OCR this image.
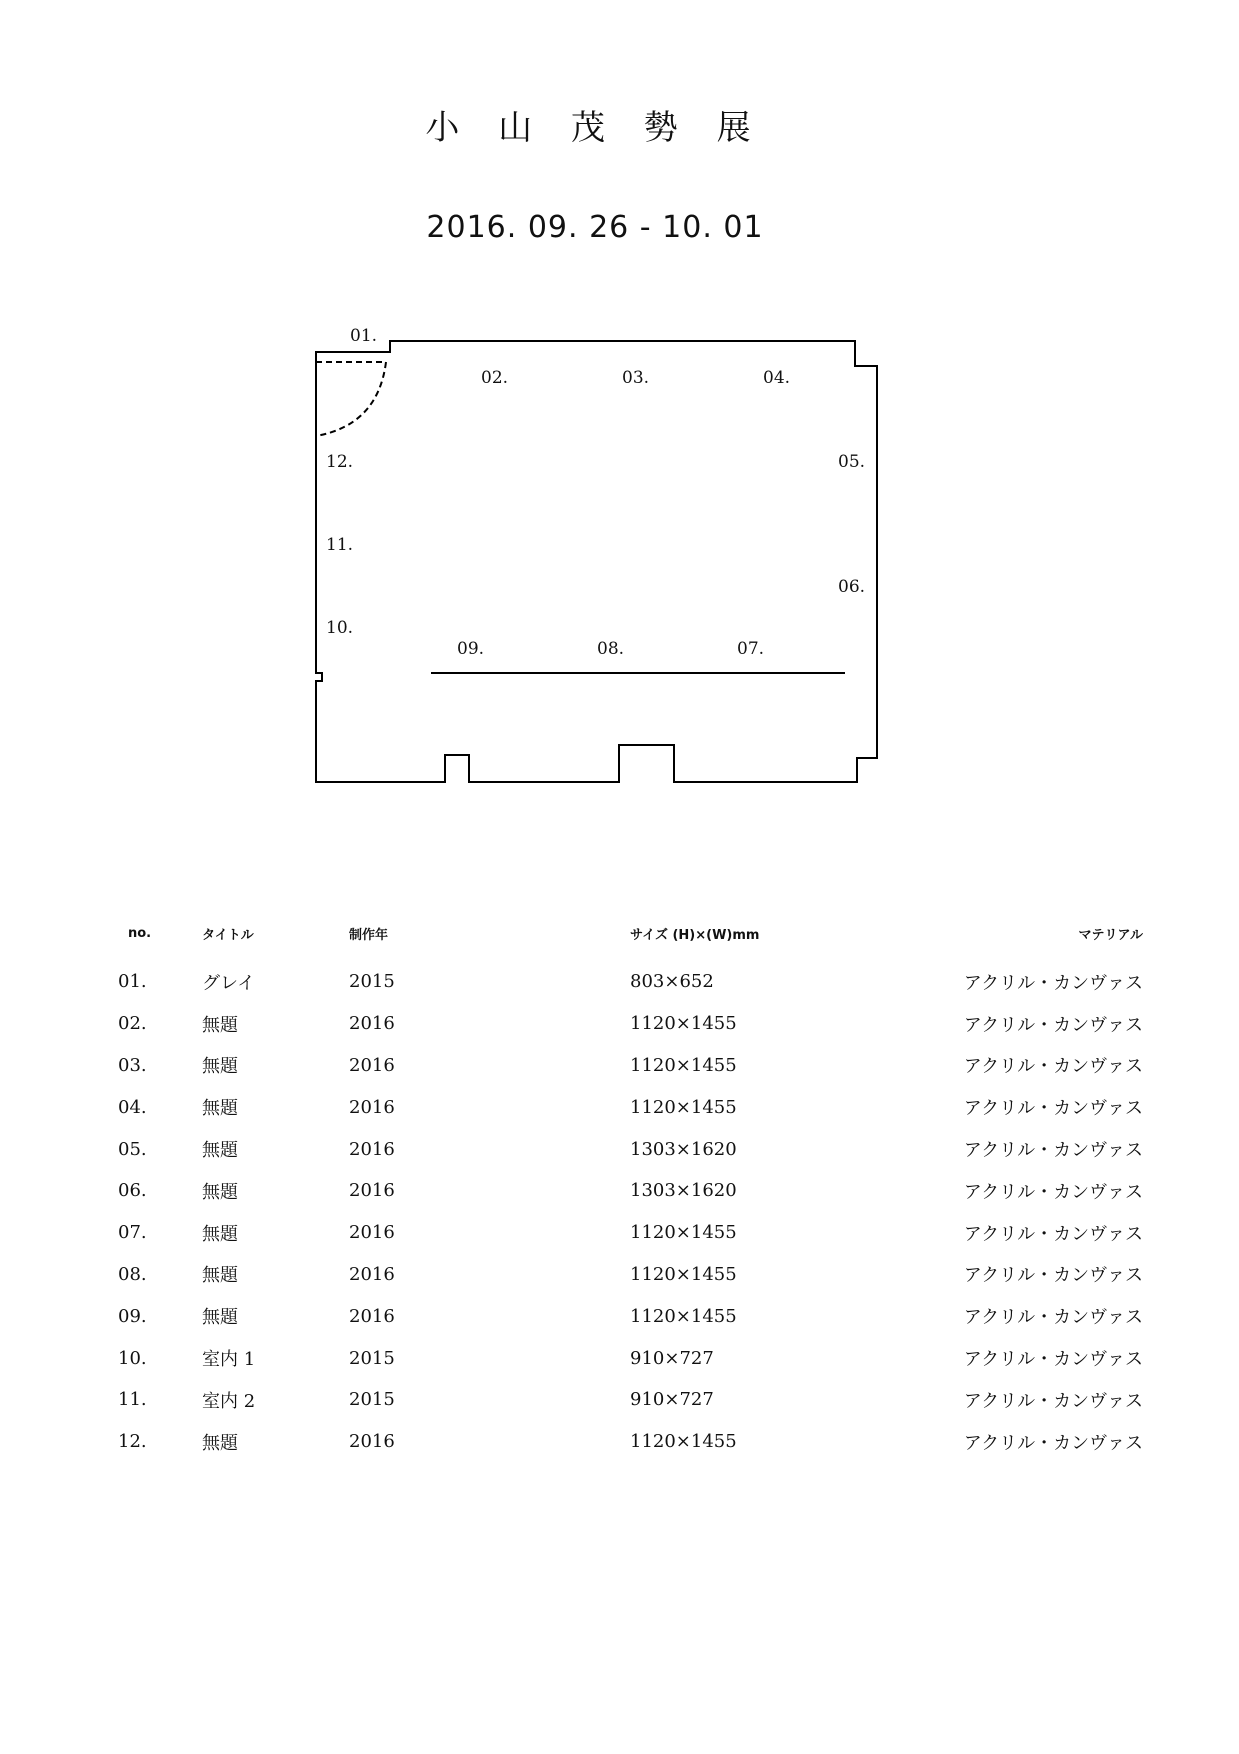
小 山 茂 勢 展
2016. 09. 26 - 10. 01
01.
02.	03.	04.
05.
06.
07.
08.
09.
10.
11.
12.
no.	タイトル	制作年	サイズ (H)×(W)mm	マテリアル
01.	グレイ	2015	803×652	アクリル・カンヴァス
02.	無題	2016	1120×1455	アクリル・カンヴァス
03.	無題	2016	1120×1455	アクリル・カンヴァス
04.	無題	2016	1120×1455	アクリル・カンヴァス
05.	無題	2016	1303×1620	アクリル・カンヴァス
06.	無題	2016	1303×1620	アクリル・カンヴァス
07.	無題	2016	1120×1455	アクリル・カンヴァス
08.	無題	2016	1120×1455	アクリル・カンヴァス
09.	無題	2016	1120×1455	アクリル・カンヴァス
10.	室内 1	2015	910×727	アクリル・カンヴァス
11.	室内 2	2015	910×727	アクリル・カンヴァス
12.	無題	2016	1120×1455	アクリル・カンヴァス
